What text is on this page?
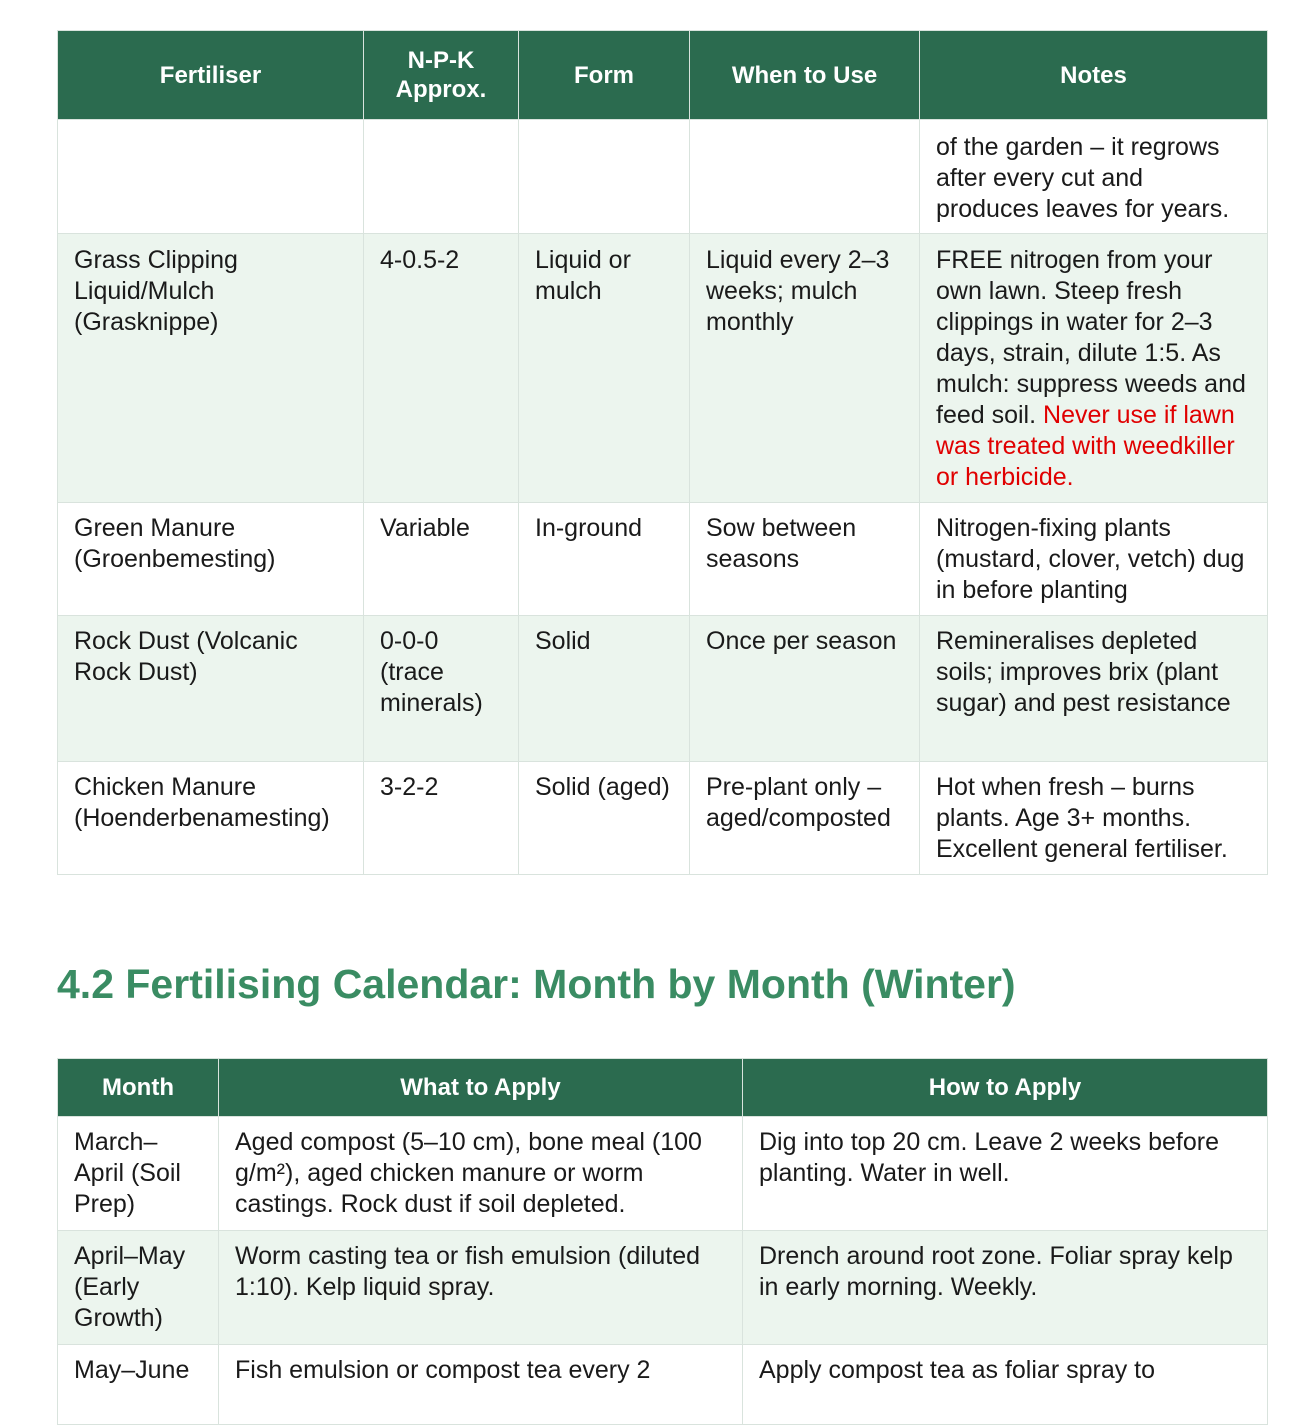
Fertiliser	N-P-K Approx.	Form	When to Use	Notes
				of the garden – it regrows after every cut and produces leaves for years.
Grass Clipping Liquid/Mulch (Grasknippe)	4-0.5-2	Liquid or mulch	Liquid every 2–3 weeks; mulch monthly	FREE nitrogen from your own lawn. Steep fresh clippings in water for 2–3 days, strain, dilute 1:5. As mulch: suppress weeds and feed soil. Never use if lawn was treated with weedkiller or herbicide.
Green Manure (Groenbemesting)	Variable	In-ground	Sow between seasons	Nitrogen-fixing plants (mustard, clover, vetch) dug in before planting
Rock Dust (Volcanic Rock Dust)	0-0-0 (trace minerals)	Solid	Once per season	Remineralises depleted soils; improves brix (plant sugar) and pest resistance
Chicken Manure (Hoenderbenamesting)	3-2-2	Solid (aged)	Pre-plant only – aged/composted	Hot when fresh – burns plants. Age 3+ months. Excellent general fertiliser.
4.2 Fertilising Calendar: Month by Month (Winter)
Month	What to Apply	How to Apply
March–April (Soil Prep)	Aged compost (5–10 cm), bone meal (100 g/m²), aged chicken manure or worm castings. Rock dust if soil depleted.	Dig into top 20 cm. Leave 2 weeks before planting. Water in well.
April–May (Early Growth)	Worm casting tea or fish emulsion (diluted 1:10). Kelp liquid spray.	Drench around root zone. Foliar spray kelp in early morning. Weekly.
May–June	Fish emulsion or compost tea every 2	Apply compost tea as foliar spray to
